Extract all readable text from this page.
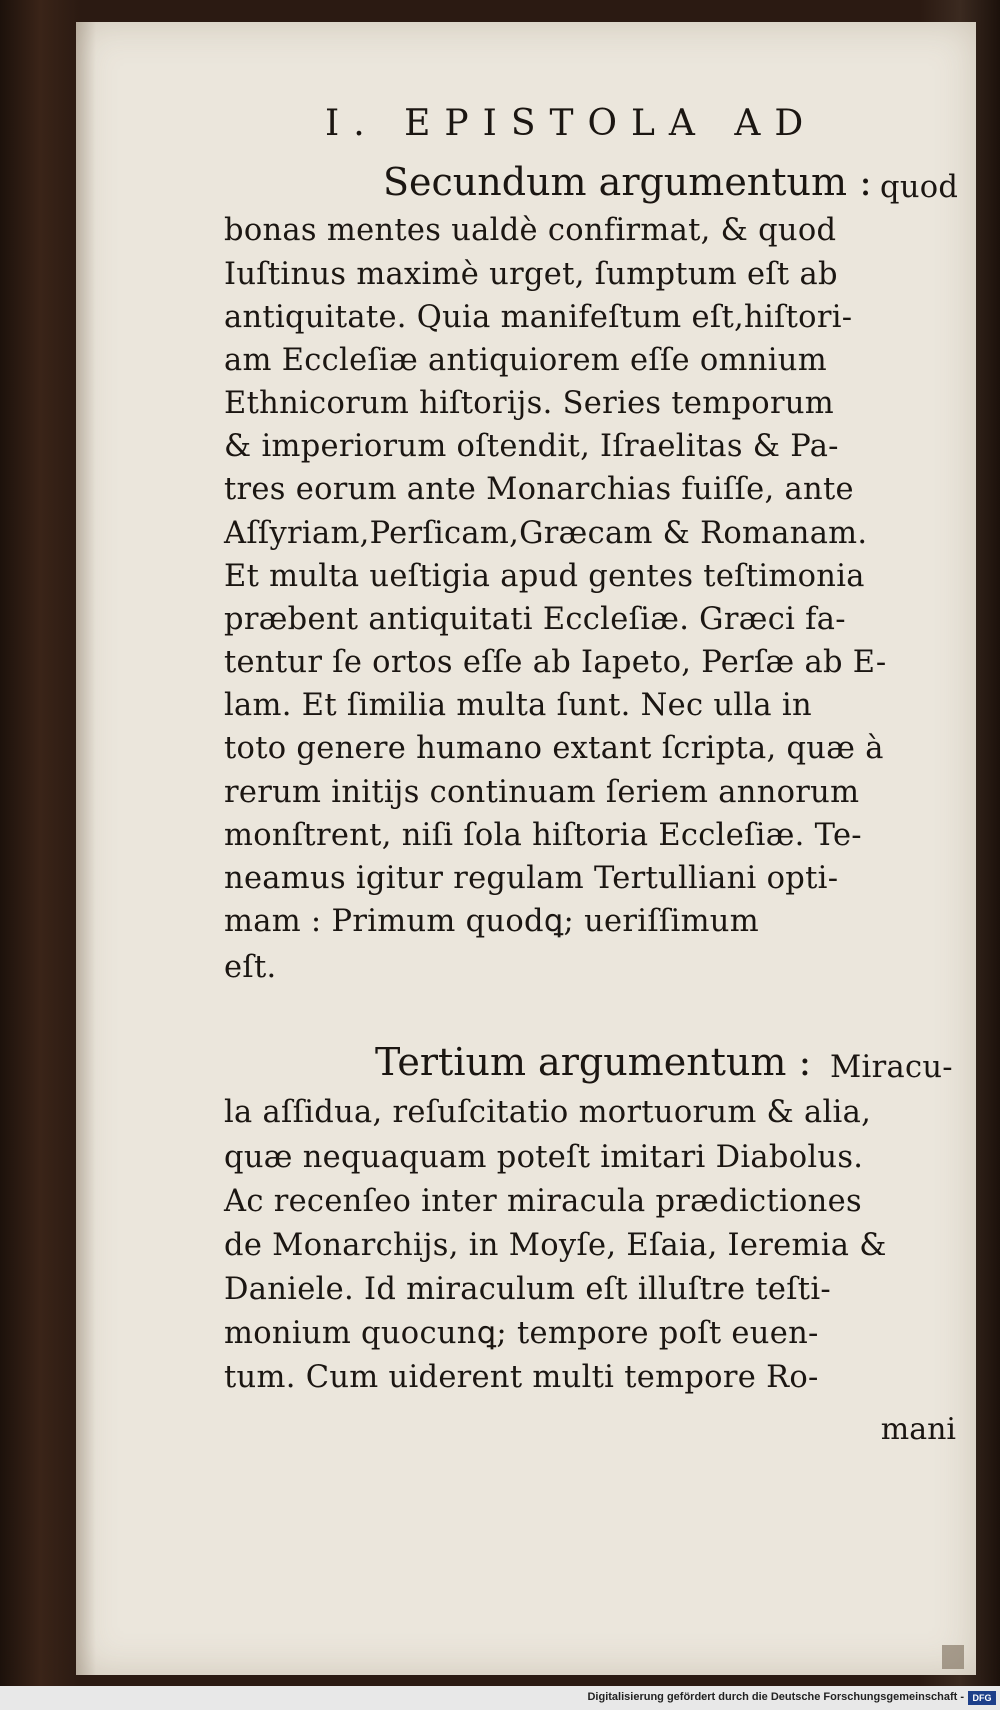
I. EPISTOLA AD
Secundum argumentum : quod
bonas mentes ualdè confirmat, & quod
Iuſtinus maximè urget, ſumptum eſt ab
antiquitate. Quia manifeſtum eſt,hiſtori-
am Eccleſiæ antiquiorem eſſe omnium
Ethnicorum hiſtorijs. Series temporum
& imperiorum oſtendit, Iſraelitas & Pa-
tres eorum ante Monarchias fuiſſe, ante
Aſſyriam,Perſicam,Græcam & Romanam.
Et multa ueſtigia apud gentes teſtimonia
præbent antiquitati Eccleſiæ. Græci fa-
tentur ſe ortos eſſe ab Iapeto, Perſæ ab E-
lam. Et ſimilia multa ſunt. Nec ulla in
toto genere humano extant ſcripta, quæ à
rerum initijs continuam ſeriem annorum
monſtrent, niſi ſola hiſtoria Eccleſiæ. Te-
neamus igitur regulam Tertulliani opti-
mam : Primum quodꝗ; ueriſſimum
eſt.
Tertium argumentum : Miracu-
la aſſidua, reſuſcitatio mortuorum & alia,
quæ nequaquam poteſt imitari Diabolus.
Ac recenſeo inter miracula prædictiones
de Monarchijs, in Moyſe, Eſaia, Ieremia &
Daniele. Id miraculum eſt illuſtre teſti-
monium quocunꝗ; tempore poſt euen-
tum. Cum uiderent multi tempore Ro-
mani
Digitalisierung gefördert durch die Deutsche Forschungsgemeinschaft - DFG
